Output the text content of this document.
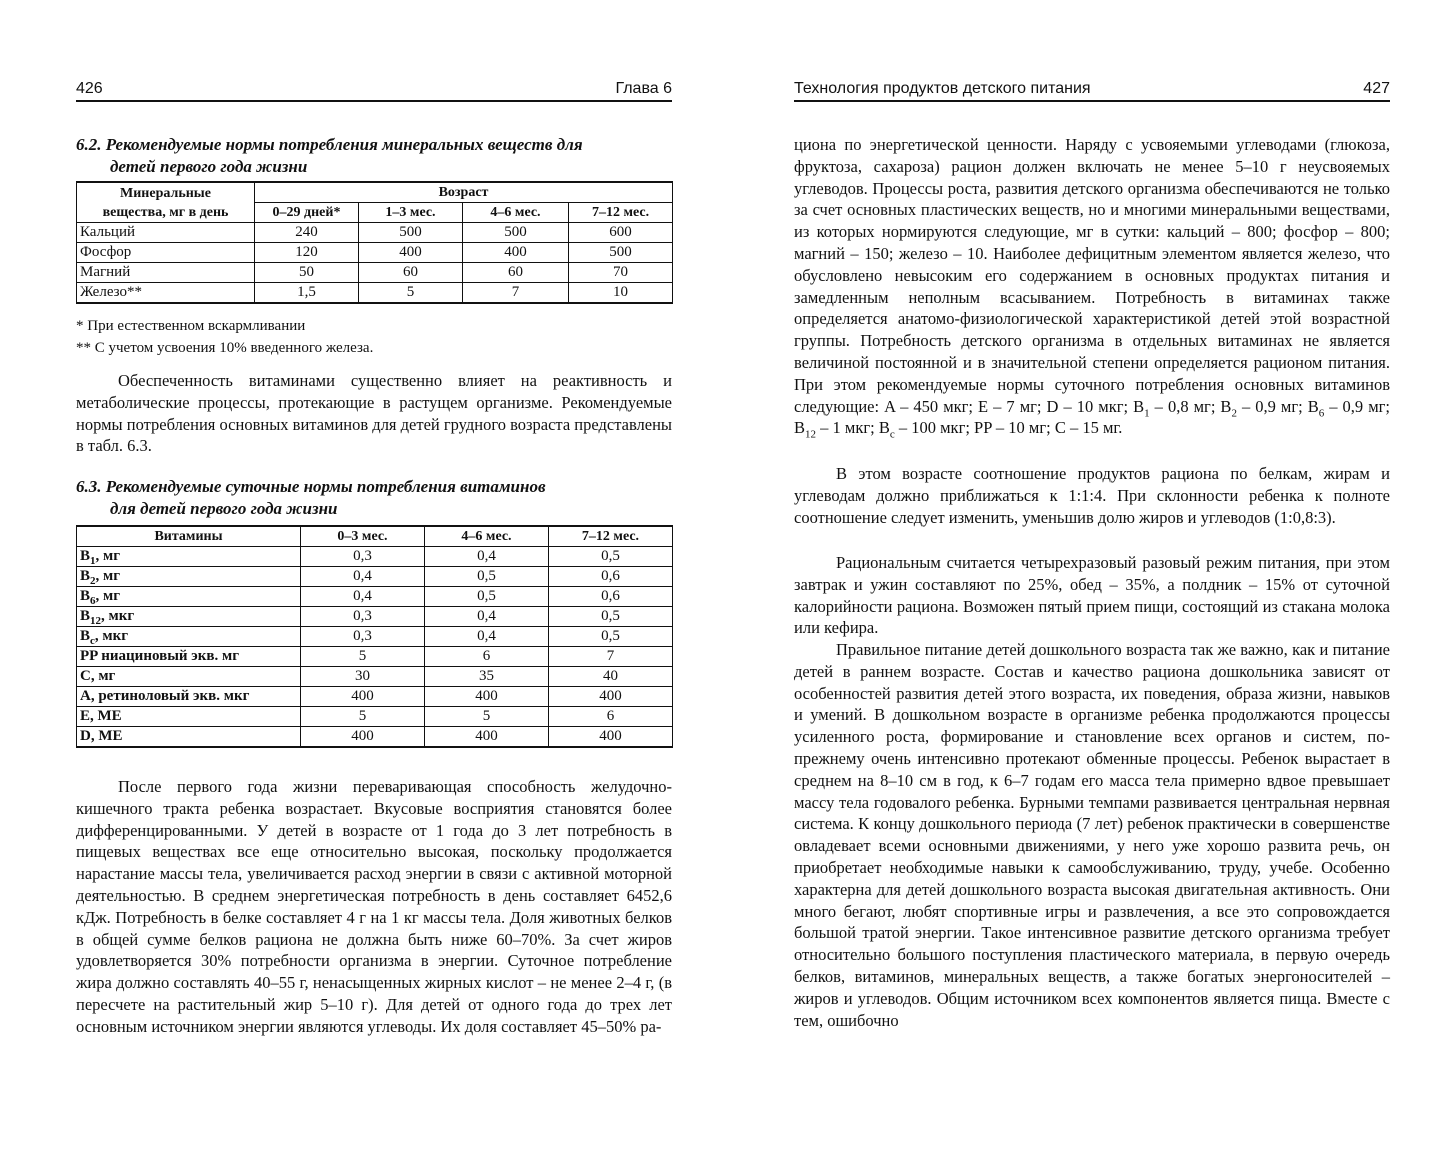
426	Глава 6
6.2. Рекомендуемые нормы потребления минеральных веществ для
детей первого года жизни
Минеральные
вещества, мг в день	Возраст			
	0–29 дней*	1–3 мес.	4–6 мес.	7–12 мес.
Кальций	240	500	500	600
Фосфор	120	400	400	500
Магний	50	60	60	70
Железо**	1,5	5	7	10
* При естественном вскармливании
** С учетом усвоения 10% введенного железа.

Обеспеченность витаминами существенно влияет на реактивность и метаболические процессы, протекающие в растущем организме. Рекомендуемые нормы потребления основных витаминов для детей грудного возраста представлены в табл. 6.3.

6.3. Рекомендуемые суточные нормы потребления витаминов
для детей первого года жизни
Витамины	0–3 мес.	4–6 мес.	7–12 мес.
$B_1$, мг	0,3	0,4	0,5
$B_2$, мг	0,4	0,5	0,6
$B_6$, мг	0,4	0,5	0,6
$B_{12}$, мкг	0,3	0,4	0,5
$B_c$, мкг	0,3	0,4	0,5
PP ниациновый экв. мг	5	6	7
C, мг	30	35	40
A, ретиноловый экв. мкг	400	400	400
E, ME	5	5	6
D, ME	400	400	400

После первого года жизни переваривающая способность желудочно-кишечного тракта ребенка возрастает. Вкусовые восприятия становятся более дифференцированными. У детей в возрасте от 1 года до 3 лет потребность в пищевых веществах все еще относительно высокая, поскольку продолжается нарастание массы тела, увеличивается расход энергии в связи с активной моторной деятельностью. В среднем энергетическая потребность в день составляет 6452,6 кДж. Потребность в белке составляет 4 г на 1 кг массы тела. Доля животных белков в общей сумме белков рациона не должна быть ниже 60–70%. За счет жиров удовлетворяется 30% потребности организма в энергии. Суточное потребление жира должно составлять 40–55 г, ненасыщенных жирных кислот – не менее 2–4 г, (в пересчете на растительный жир 5–10 г). Для детей от одного года до трех лет основным источником энергии являются углеводы. Их доля составляет 45–50% ра-

Технология продуктов детского питания	427

циона по энергетической ценности. Наряду с усвояемыми углеводами (глюкоза, фруктоза, сахароза) рацион должен включать не менее 5–10 г неусвояемых углеводов. Процессы роста, развития детского организма обеспечиваются не только за счет основных пластических веществ, но и многими минеральными веществами, из которых нормируются следующие, мг в сутки: кальций – 800; фосфор – 800; магний – 150; железо – 10. Наиболее дефицитным элементом является железо, что обусловлено невысоким его содержанием в основных продуктах питания и замедленным неполным всасыванием. Потребность в витаминах также определяется анатомо-физиологической характеристикой детей этой возрастной группы. Потребность детского организма в отдельных витаминах не является величиной постоянной и в значительной степени определяется рационом питания. При этом рекомендуемые нормы суточного потребления основных витаминов следующие: A – 450 мкг; E – 7 мг; D – 10 мкг; $B_1 - 0,8$ мг; $B_2 - 0,9$ мг; $B_6 - 0,9$ мг; $B_{12} - 1$ мкг; $B_c - 100$ мкг; PP – 10 мг; C – 15 мг.

В этом возрасте соотношение продуктов рациона по белкам, жирам и углеводам должно приближаться к 1:1:4. При склонности ребенка к полноте соотношение следует изменить, уменьшив долю жиров и углеводов (1:0,8:3).

Рациональным считается четырехразовый разовый режим питания, при этом завтрак и ужин составляют по 25%, обед – 35%, а полдник – 15% от суточной калорийности рациона. Возможен пятый прием пищи, состоящий из стакана молока или кефира.

Правильное питание детей дошкольного возраста так же важно, как и питание детей в раннем возрасте. Состав и качество рациона дошкольника зависят от особенностей развития детей этого возраста, их поведения, образа жизни, навыков и умений. В дошкольном возрасте в организме ребенка продолжаются процессы усиленного роста, формирование и становление всех органов и систем, по-прежнему очень интенсивно протекают обменные процессы. Ребенок вырастает в среднем на 8–10 см в год, к 6–7 годам его масса тела примерно вдвое превышает массу тела годовалого ребенка. Бурными темпами развивается центральная нервная система. К концу дошкольного периода (7 лет) ребенок практически в совершенстве овладевает всеми основными движениями, у него уже хорошо развита речь, он приобретает необходимые навыки к самообслуживанию, труду, учебе. Особенно характерна для детей дошкольного возраста высокая двигательная активность. Они много бегают, любят спортивные игры и развлечения, а все это сопровождается большой тратой энергии. Такое интенсивное развитие детского организма требует относительно большого поступления пластического материала, в первую очередь белков, витаминов, минеральных веществ, а также богатых энергоносителей – жиров и углеводов. Общим источником всех компонентов является пища. Вместе с тем, ошибочно
